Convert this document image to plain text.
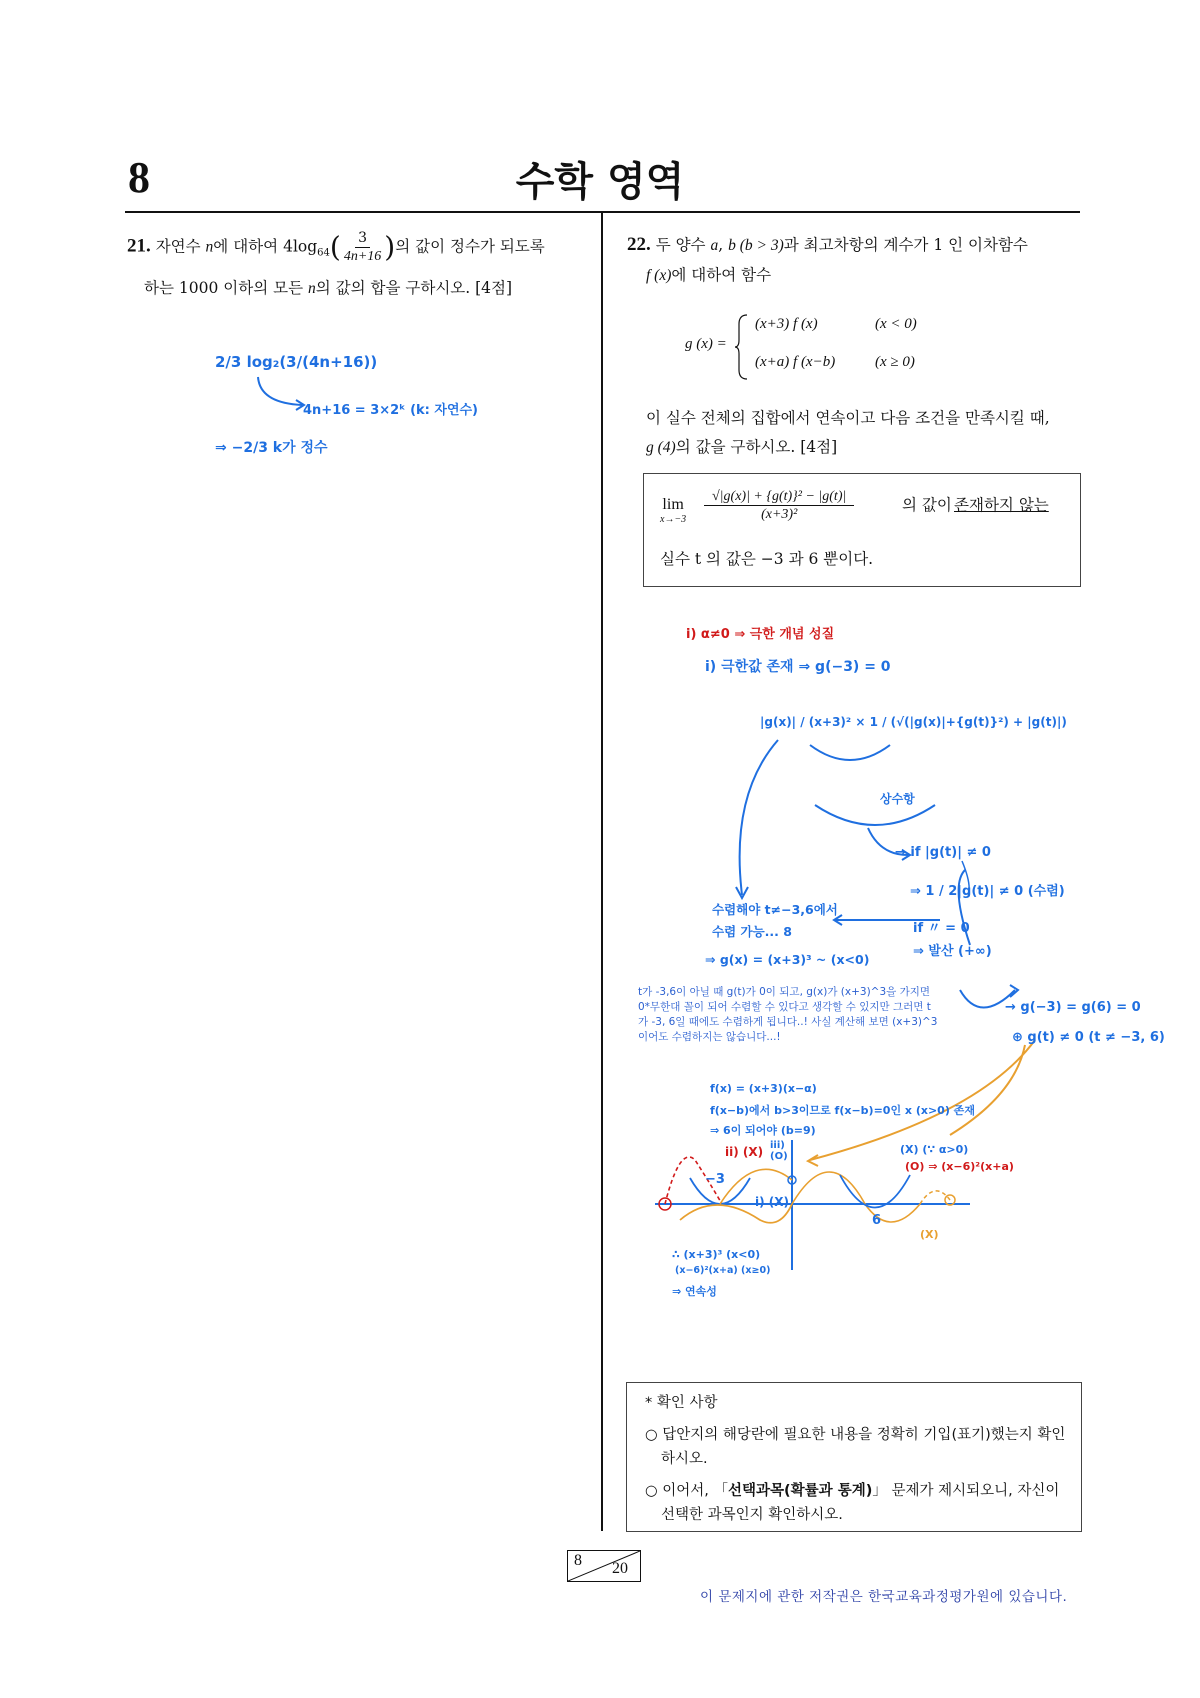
8	수학 영역
21. 자연수 n에 대하여 $4\log_{64}( \frac{3}{4n+16}$ )의 값이 정수가 되도록
하는 1000 이하의 모든 n의 값의 합을 구하시오. [4점]
2/3 log₂(3/(4n+16))
4n+16 = 3×2ᵏ (k: 자연수)
⇒ −2/3 k가 정수
22. 두 양수 a, b (b > 3)과 최고차항의 계수가 1 인 이차함수
f (x)에 대하여 함수
g (x) =
(x+3) f (x)	(x < 0)
(x+a) f (x−b)	(x ≥ 0)
이 실수 전체의 집합에서 연속이고 다음 조건을 만족시킬 때,
g (4)의 값을 구하시오. [4점]
lim
$x\to-3 \frac{\text{√|g(x)| + \{g(t)\}² − |g(t)|}}{\text{(x+3)²}}$	의 값이 존재하지 않는
실수 t 의 값은 −3 과 6 뿐이다.
i) α≠0 ⇒ 극한 개념 성질
i) 극한값 존재 ⇒ g(−3) = 0
|g(x)| / (x+3)² × 1 / (√(|g(x)|+{g(t)}²) + |g(t)|)
상수항
→ if |g(t)| ≠ 0
⇒ 1 / 2|g(t)| ≠ 0 (수렴)
if 〃 = 0
⇒ 발산 (+∞)
수렴해야 t≠−3,6에서
수렴 가능... 8
⇒ g(x) = (x+3)³ ~ (x<0)
→ g(−3) = g(6) = 0
⊕ g(t) ≠ 0 (t ≠ −3, 6)
t가 -3,6이 아닐 때 g(t)가 0이 되고, g(x)가 (x+3)^3을 가지면 0*무한대 꼴이 되어 수렴할 수 있다고 생각할 수 있지만 그러면 t가 -3, 6일 때에도 수렴하게 됩니다..! 사실 계산해 보면 (x+3)^3이어도 수렴하지는 않습니다...!
f(x) = (x+3)(x−α)
f(x−b)에서 b>3이므로 f(x−b)=0인 x (x>0) 존재
⇒ 6이 되어야 (b=9)
ii) (X) iii) (O)
(X) (∵ α>0)
(O) ⇒ (x−6)²(x+a)
i) (X)
(X)
−3
6
∴ (x+3)³ (x<0)
(x−6)²(x+a) (x≥0)
⇒ 연속성
* 확인 사항
○ 답안지의 해당란에 필요한 내용을 정확히 기입(표기)했는지 확인
하시오.
○ 이어서, 「선택과목(확률과 통계)」 문제가 제시되오니, 자신이
선택한 과목인지 확인하시오.
8 20
이 문제지에 관한 저작권은 한국교육과정평가원에 있습니다.
